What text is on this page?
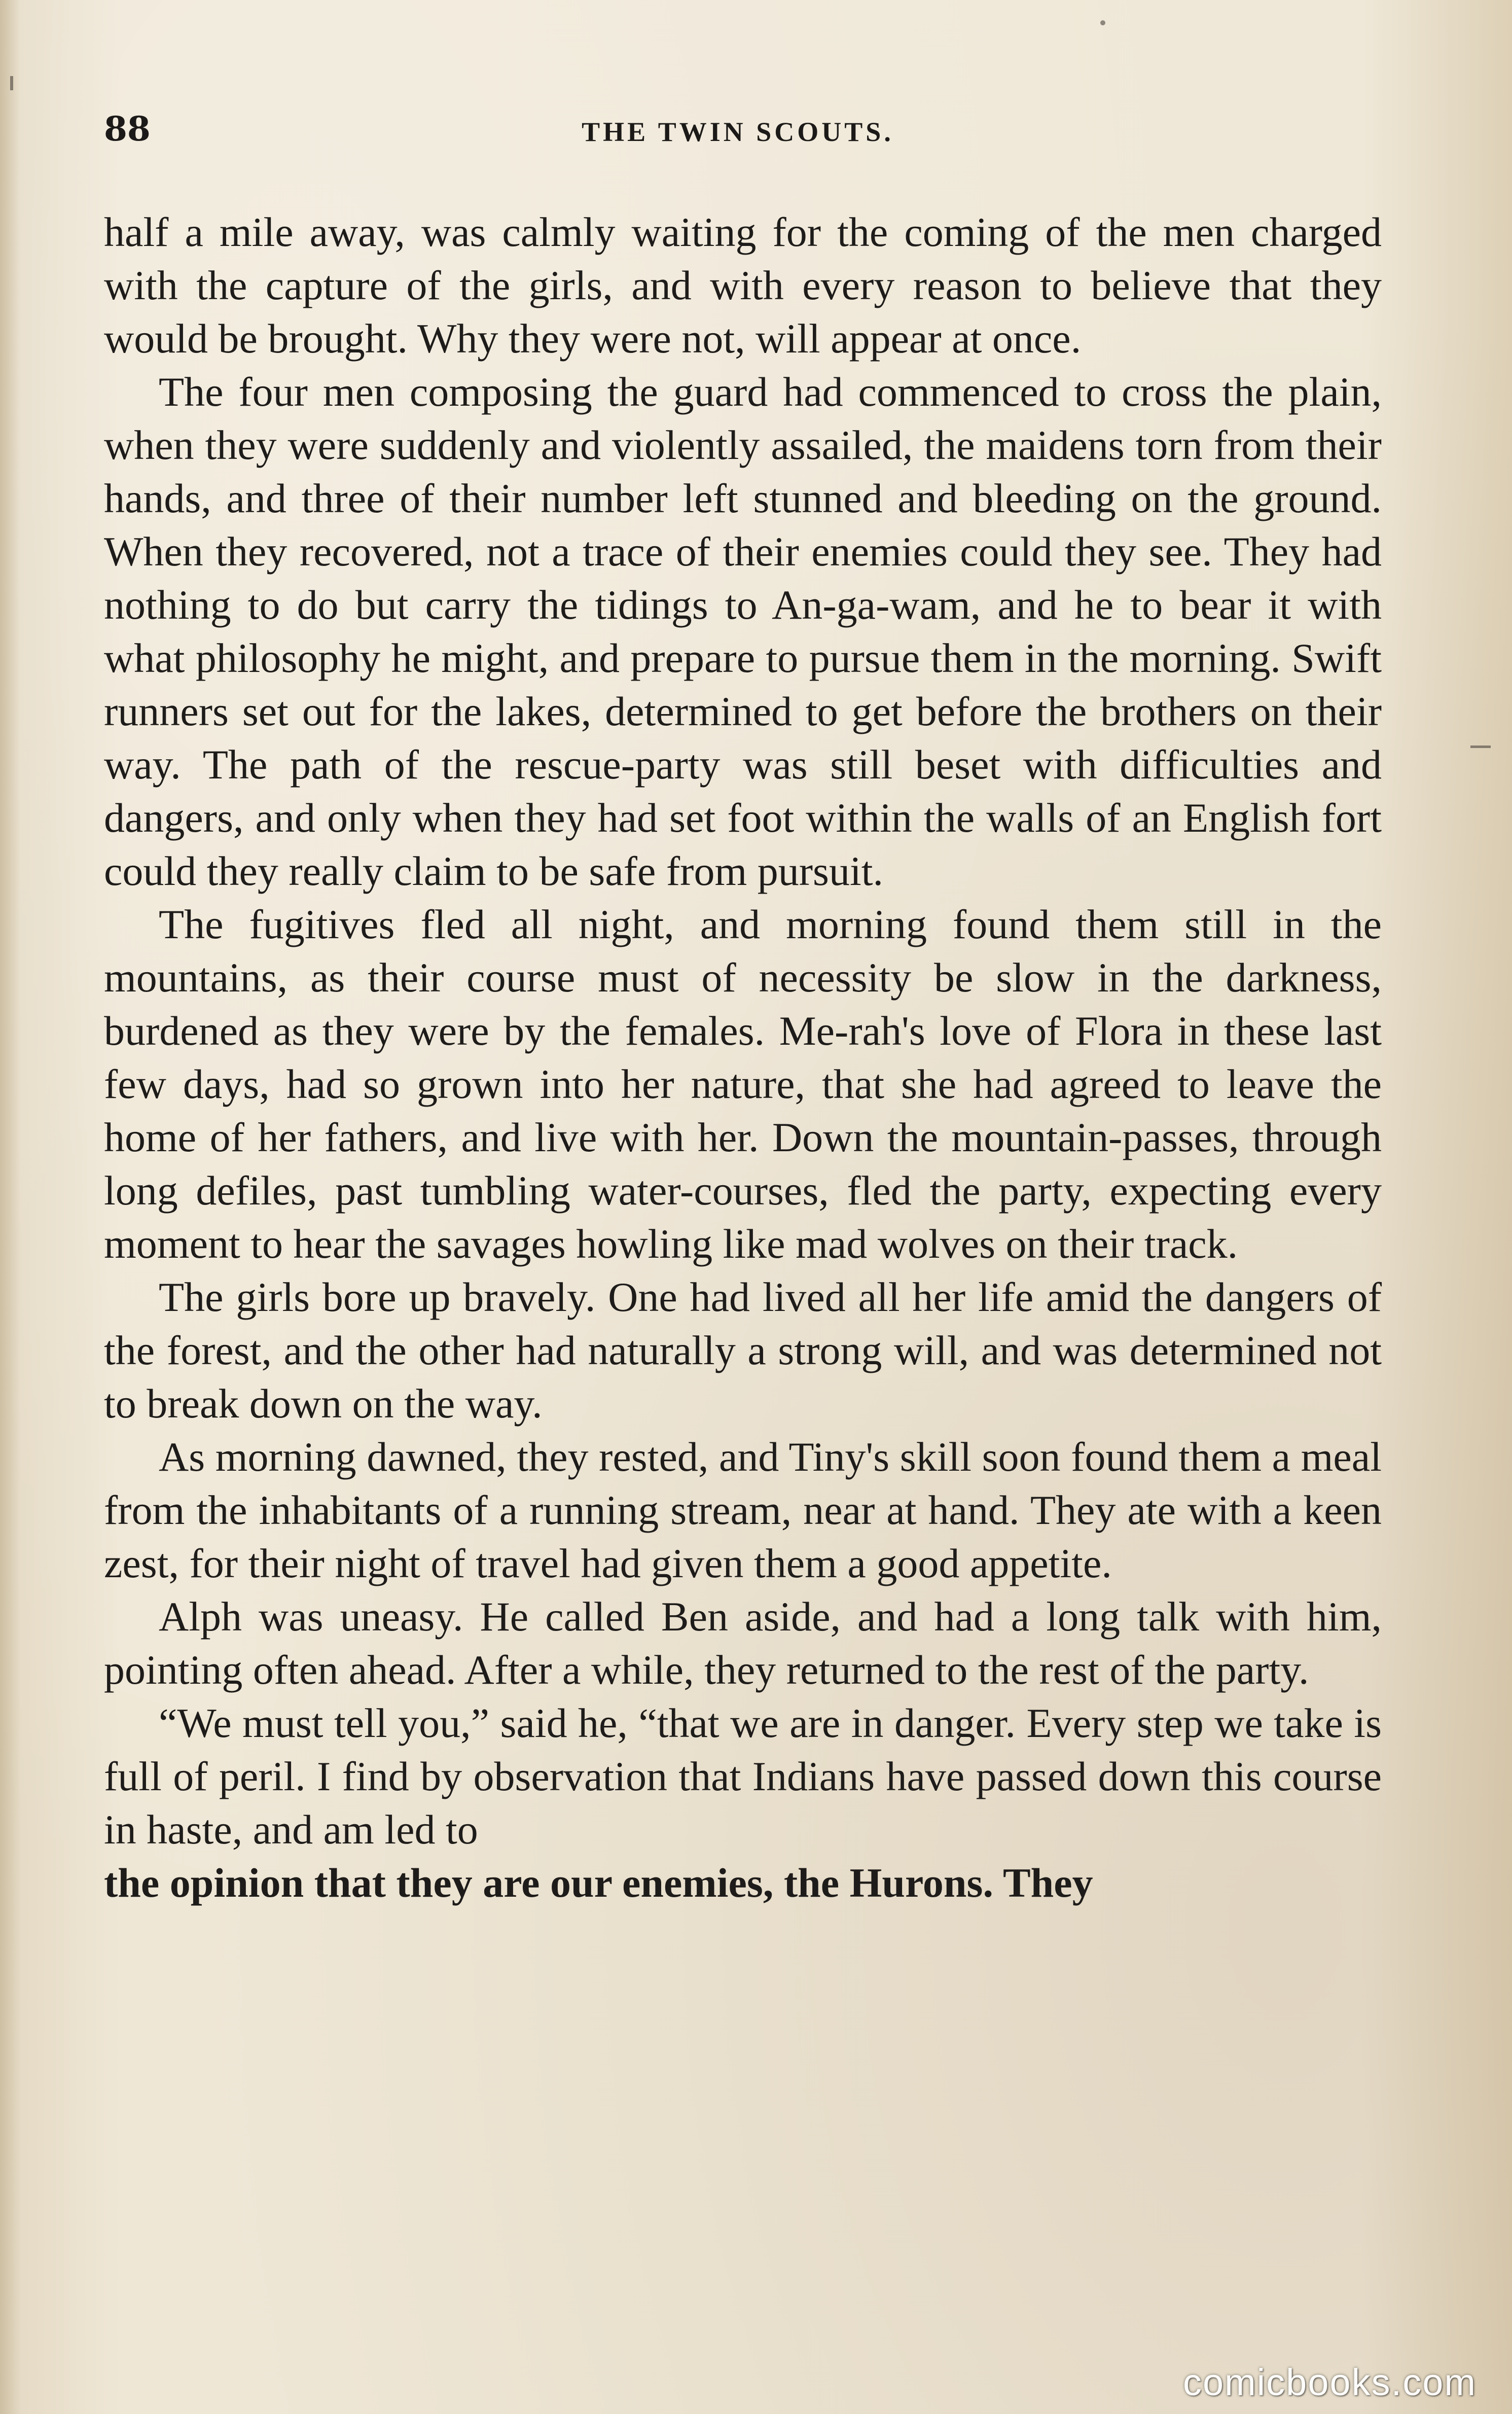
88	THE TWIN SCOUTS.

half a mile away, was calmly waiting for the coming of the men charged with the capture of the girls, and with every reason to believe that they would be brought. Why they were not, will appear at once.

The four men composing the guard had commenced to cross the plain, when they were suddenly and violently assailed, the maidens torn from their hands, and three of their number left stunned and bleeding on the ground. When they recovered, not a trace of their enemies could they see. They had nothing to do but carry the tidings to An-ga-wam, and he to bear it with what philosophy he might, and prepare to pursue them in the morning. Swift runners set out for the lakes, determined to get before the brothers on their way. The path of the rescue-party was still beset with difficulties and dangers, and only when they had set foot within the walls of an English fort could they really claim to be safe from pursuit.

The fugitives fled all night, and morning found them still in the mountains, as their course must of necessity be slow in the darkness, burdened as they were by the females. Me-rah's love of Flora in these last few days, had so grown into her nature, that she had agreed to leave the home of her fathers, and live with her. Down the mountain-passes, through long defiles, past tumbling water-courses, fled the party, expecting every moment to hear the savages howling like mad wolves on their track.

The girls bore up bravely. One had lived all her life amid the dangers of the forest, and the other had naturally a strong will, and was determined not to break down on the way.

As morning dawned, they rested, and Tiny's skill soon found them a meal from the inhabitants of a running stream, near at hand. They ate with a keen zest, for their night of travel had given them a good appetite.

Alph was uneasy. He called Ben aside, and had a long talk with him, pointing often ahead. After a while, they returned to the rest of the party.

“We must tell you,” said he, “that we are in danger. Every step we take is full of peril. I find by observation that Indians have passed down this course in haste, and am led to

the opinion that they are our enemies, the Hurons. They

comicbooks.com
